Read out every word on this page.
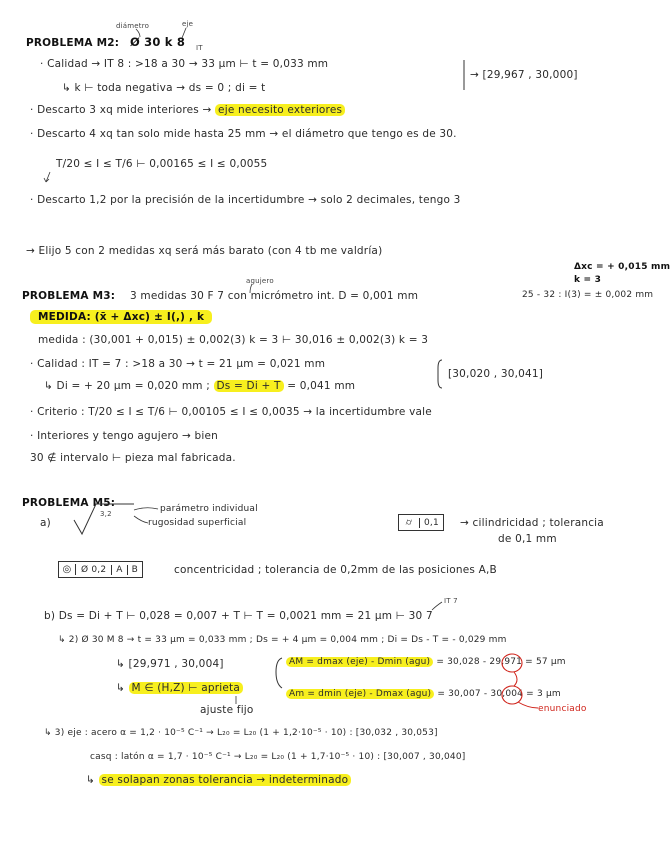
diámetro	eje
PROBLEMA M2: Ø 30 k 8 IT
· Calidad → IT 8 : >18 a 30 → 33 μm ⊢ t = 0,033 mm
↳ k ⊢ toda negativa → ds = 0 ; di = t
→ [29,967 , 30,000]
· Descarto 3 xq mide interiores → eje necesito exteriores
· Descarto 4 xq tan solo mide hasta 25 mm → el diámetro que tengo es de 30.
T/20 ≤ I ≤ T/6 ⊢ 0,00165 ≤ I ≤ 0,0055
· Descarto 1,2 por la precisión de la incertidumbre → solo 2 decimales, tengo 3
→ Elijo 5 con 2 medidas xq será más barato (con 4 tb me valdría)
Δxc = + 0,015 mm
k = 3
agujero
PROBLEMA M3: 3 medidas 30 F 7 con micrómetro int. D = 0,001 mm	25 - 32 : I(3) = ± 0,002 mm
MEDIDA: (x̄ + Δxc) ± I(,) , k
medida : (30,001 + 0,015) ± 0,002(3) k = 3 ⊢ 30,016 ± 0,002(3) k = 3
· Calidad : IT = 7 : >18 a 30 → t = 21 μm = 0,021 mm
↳ Di = + 20 μm = 0,020 mm ; Ds = Di + T = 0,041 mm
[30,020 , 30,041]
· Criterio : T/20 ≤ I ≤ T/6 ⊢ 0,00105 ≤ I ≤ 0,0035 → la incertidumbre vale
· Interiores y tengo agujero → bien
30 ∉ intervalo ⊢ pieza mal fabricada.
PROBLEMA M5:
a)
3,2	parámetro individual
rugosidad superficial	⌭	0,1	→ cilindricidad ; tolerancia
de 0,1 mm
◎	Ø 0,2	A	B	concentricidad ; tolerancia de 0,2mm de las posiciones A,B
IT 7
b) Ds = Di + T ⊢ 0,028 = 0,007 + T ⊢ T = 0,0021 mm = 21 μm ⊢ 30 7
↳ 2) Ø 30 M 8 → t = 33 μm = 0,033 mm ; Ds = + 4 μm = 0,004 mm ; Di = Ds - T = - 0,029 mm
↳ [29,971 , 30,004]	AM = dmax (eje) - Dmin (agu) = 30,028 - 29,971 = 57 μm
↳ M ∈ (H,Z) ⊢ aprieta
ajuste fijo
Am = dmin (eje) - Dmax (agu) = 30,007 - 30,004 = 3 μm
enunciado
↳ 3) eje : acero α = 1,2 · 10⁻⁵ C⁻¹ → L₂₀ = L₂₀ (1 + 1,2·10⁻⁵ · 10) : [30,032 , 30,053]
casq : latón α = 1,7 · 10⁻⁵ C⁻¹ → L₂₀ = L₂₀ (1 + 1,7·10⁻⁵ · 10) : [30,007 , 30,040]
↳ se solapan zonas tolerancia → indeterminado
